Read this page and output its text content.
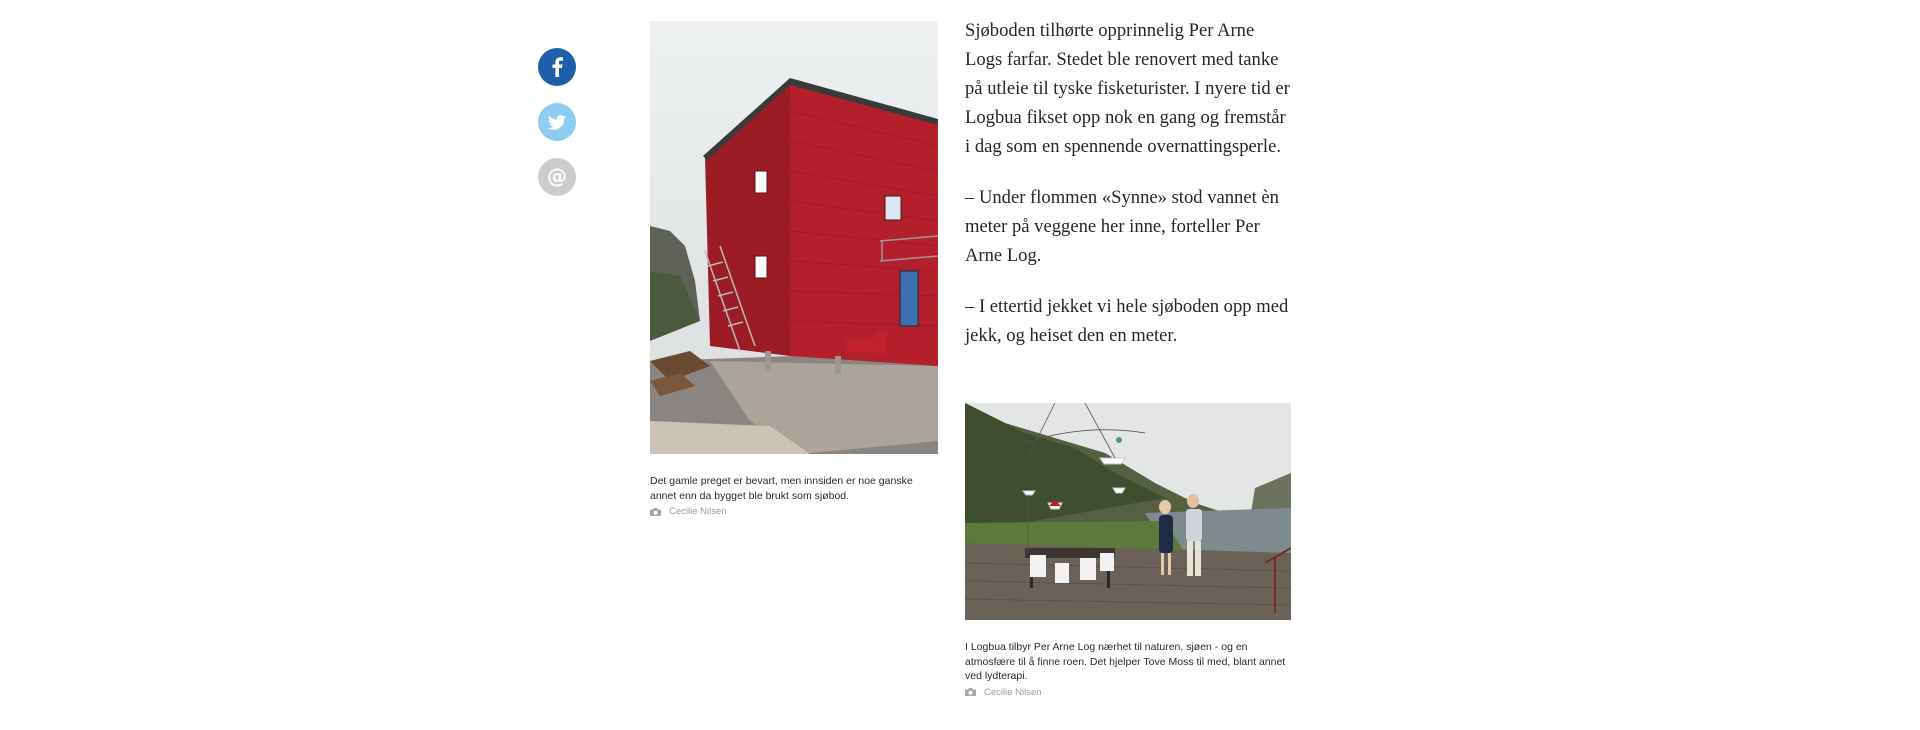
@
Det gamle preget er bevart, men innsiden er noe ganske annet enn da bygget ble brukt som sjøbod.
Cecilie Nilsen

Sjøboden tilhørte opprinnelig Per Arne Logs farfar. Stedet ble renovert med tanke på utleie til tyske fisketurister. I nyere tid er Logbua fikset opp nok en gang og fremstår i dag som en spennende overnattingsperle.

– Under flommen «Synne» stod vannet èn meter på veggene her inne, forteller Per Arne Log.

– I ettertid jekket vi hele sjøboden opp med jekk, og heiset den en meter.

I Logbua tilbyr Per Arne Log nærhet til naturen, sjøen - og en atmosfære til å finne roen. Det hjelper Tove Moss til med, blant annet ved lydterapi.
Cecilie Nilsen
